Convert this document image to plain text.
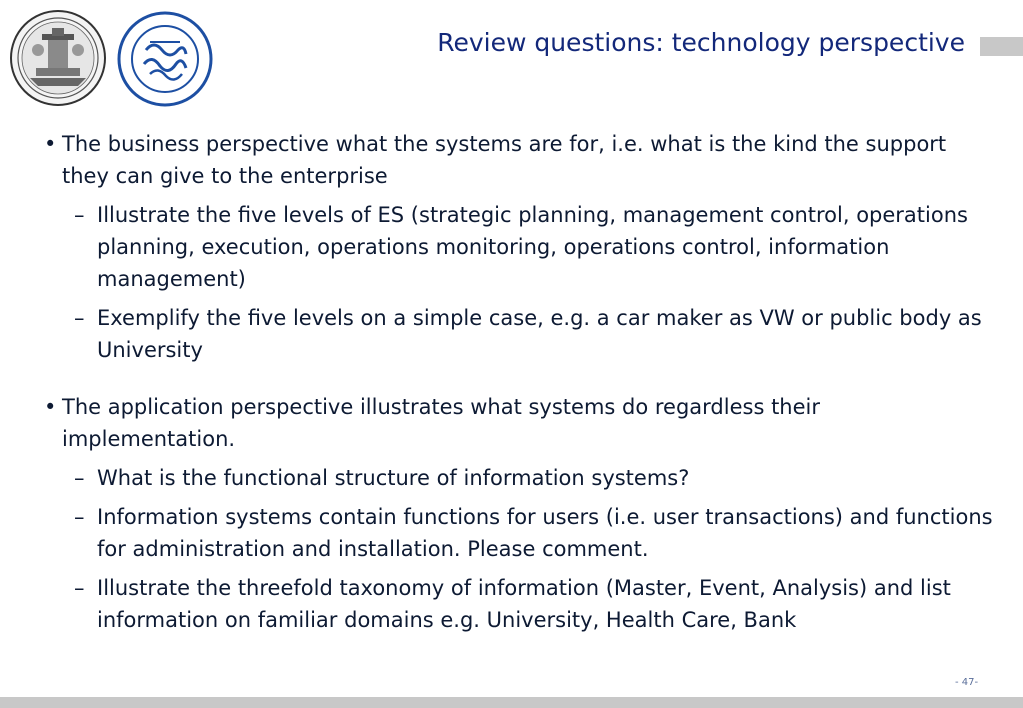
Review questions: technology perspective
• The business perspective what the systems are for, i.e. what is the kind the support they can give to the enterprise
– Illustrate the five levels of ES (strategic planning, management control, operations planning, execution, operations monitoring, operations control, information management)
– Exemplify the five levels on a simple case, e.g. a car maker as VW or public body as University
• The application perspective illustrates what systems do regardless their implementation.
– What is the functional structure of information systems?
– Information systems contain functions for users (i.e. user transactions) and functions for administration and installation. Please comment.
– Illustrate the threefold taxonomy of information (Master, Event, Analysis) and list information on familiar domains e.g. University, Health Care, Bank
- 47-
